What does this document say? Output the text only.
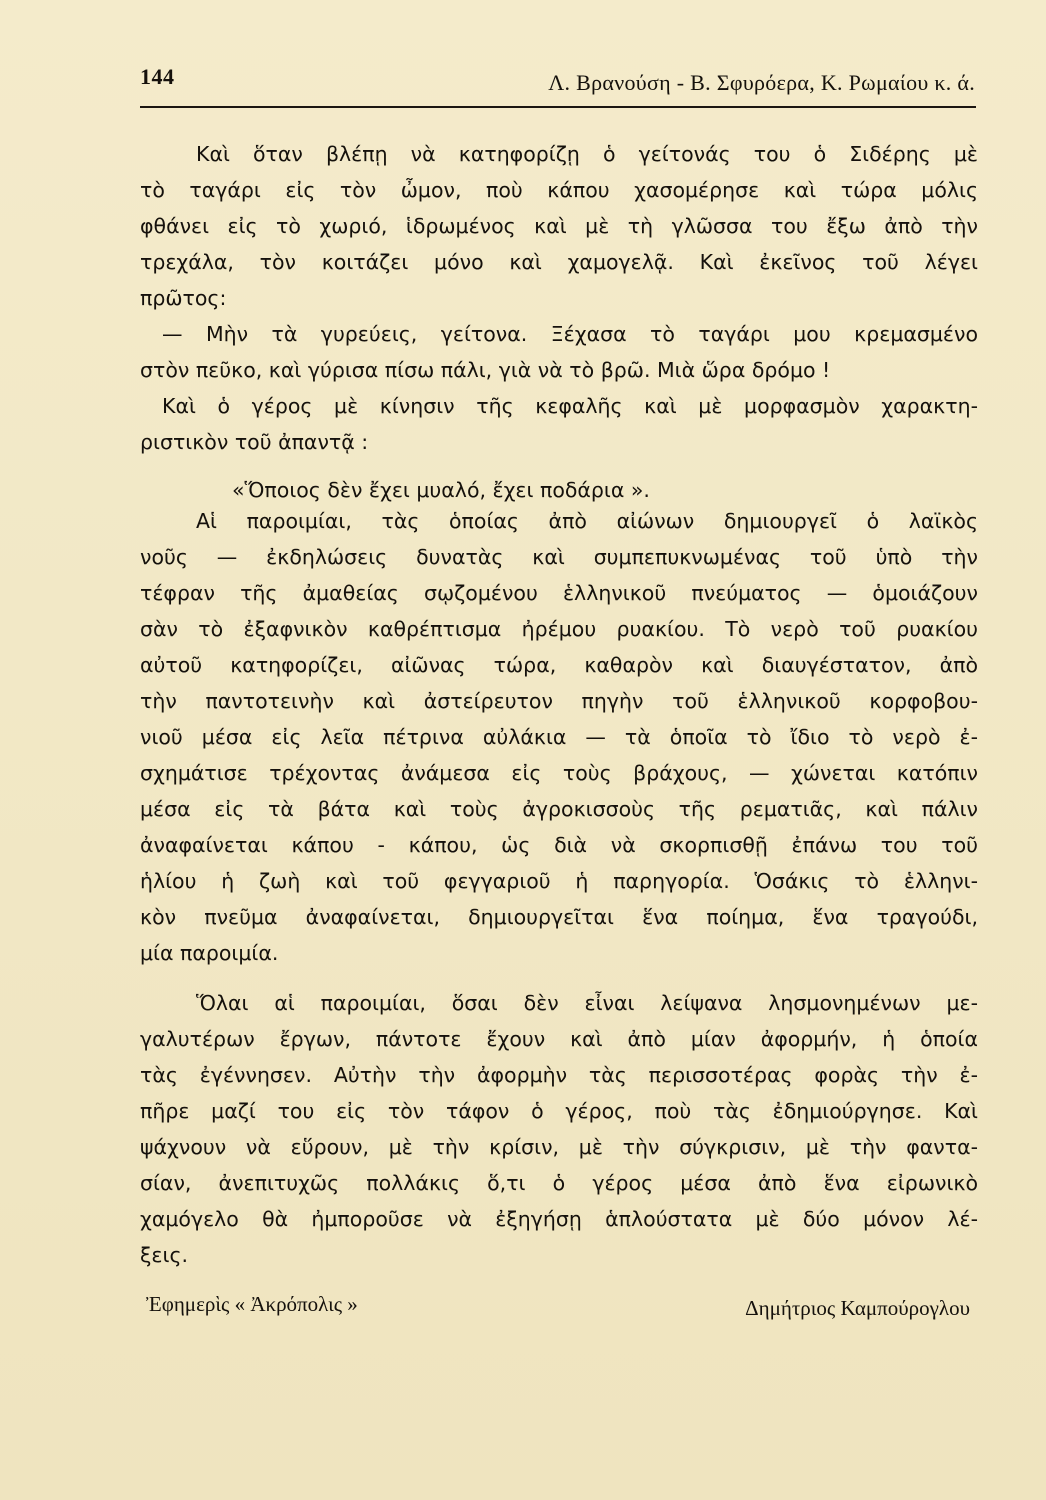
144	Λ. Βρανούση - Β. Σφυρόερα, Κ. Ρωμαίου κ. ά.
Καὶ ὅταν βλέπῃ νὰ κατηφορίζῃ ὁ γείτονάς του ὁ Σιδέρης μὲ
τὸ ταγάρι εἰς τὸν ὦμον, ποὺ κάπου χασομέρησε καὶ τώρα μόλις
φθάνει εἰς τὸ χωριό, ἱδρωμένος καὶ μὲ τὴ γλῶσσα του ἔξω ἀπὸ τὴν
τρεχάλα, τὸν κοιτάζει μόνο καὶ χαμογελᾷ. Καὶ ἐκεῖνος τοῦ λέγει
πρῶτος:
— Μὴν τὰ γυρεύεις, γείτονα. Ξέχασα τὸ ταγάρι μου κρεμασμένο
στὸν πεῦκο, καὶ γύρισα πίσω πάλι, γιὰ νὰ τὸ βρῶ. Μιὰ ὥρα δρόμο !
Καὶ ὁ γέρος μὲ κίνησιν τῆς κεφαλῆς καὶ μὲ μορφασμὸν χαρακτη-
ριστικὸν τοῦ ἀπαντᾷ :
«Ὅποιος δὲν ἔχει μυαλό, ἔχει ποδάρια ».
Αἱ παροιμίαι, τὰς ὁποίας ἀπὸ αἰώνων δημιουργεῖ ὁ λαϊκὸς
νοῦς — ἐκδηλώσεις δυνατὰς καὶ συμπεπυκνωμένας τοῦ ὑπὸ τὴν
τέφραν τῆς ἀμαθείας σῳζομένου ἑλληνικοῦ πνεύματος — ὁμοιάζουν
σὰν τὸ ἐξαφνικὸν καθρέπτισμα ἠρέμου ρυακίου. Τὸ νερὸ τοῦ ρυακίου
αὐτοῦ κατηφορίζει, αἰῶνας τώρα, καθαρὸν καὶ διαυγέστατον, ἀπὸ
τὴν παντοτεινὴν καὶ ἀστείρευτον πηγὴν τοῦ ἑλληνικοῦ κορφοβου-
νιοῦ μέσα εἰς λεῖα πέτρινα αὐλάκια — τὰ ὁποῖα τὸ ἴδιο τὸ νερὸ ἐ-
σχημάτισε τρέχοντας ἀνάμεσα εἰς τοὺς βράχους, — χώνεται κατόπιν
μέσα εἰς τὰ βάτα καὶ τοὺς ἀγροκισσοὺς τῆς ρεματιᾶς, καὶ πάλιν
ἀναφαίνεται κάπου - κάπου, ὡς διὰ νὰ σκορπισθῇ ἐπάνω του τοῦ
ἡλίου ἡ ζωὴ καὶ τοῦ φεγγαριοῦ ἡ παρηγορία. Ὁσάκις τὸ ἑλληνι-
κὸν πνεῦμα ἀναφαίνεται, δημιουργεῖται ἕνα ποίημα, ἕνα τραγούδι,
μία παροιμία.
Ὅλαι αἱ παροιμίαι, ὅσαι δὲν εἶναι λείψανα λησμονημένων με-
γαλυτέρων ἔργων, πάντοτε ἔχουν καὶ ἀπὸ μίαν ἀφορμήν, ἡ ὁποία
τὰς ἐγέννησεν. Αὐτὴν τὴν ἀφορμὴν τὰς περισσοτέρας φορὰς τὴν ἐ-
πῆρε μαζί του εἰς τὸν τάφον ὁ γέρος, ποὺ τὰς ἐδημιούργησε. Καὶ
ψάχνουν νὰ εὕρουν, μὲ τὴν κρίσιν, μὲ τὴν σύγκρισιν, μὲ τὴν φαντα-
σίαν, ἀνεπιτυχῶς πολλάκις ὅ,τι ὁ γέρος μέσα ἀπὸ ἕνα εἰρωνικὸ
χαμόγελο θὰ ἠμποροῦσε νὰ ἐξηγήσῃ ἁπλούστατα μὲ δύο μόνον λέ-
ξεις.
Ἐφημερὶς « Ἀκρόπολις »	Δημήτριος Καμπούρογλου
